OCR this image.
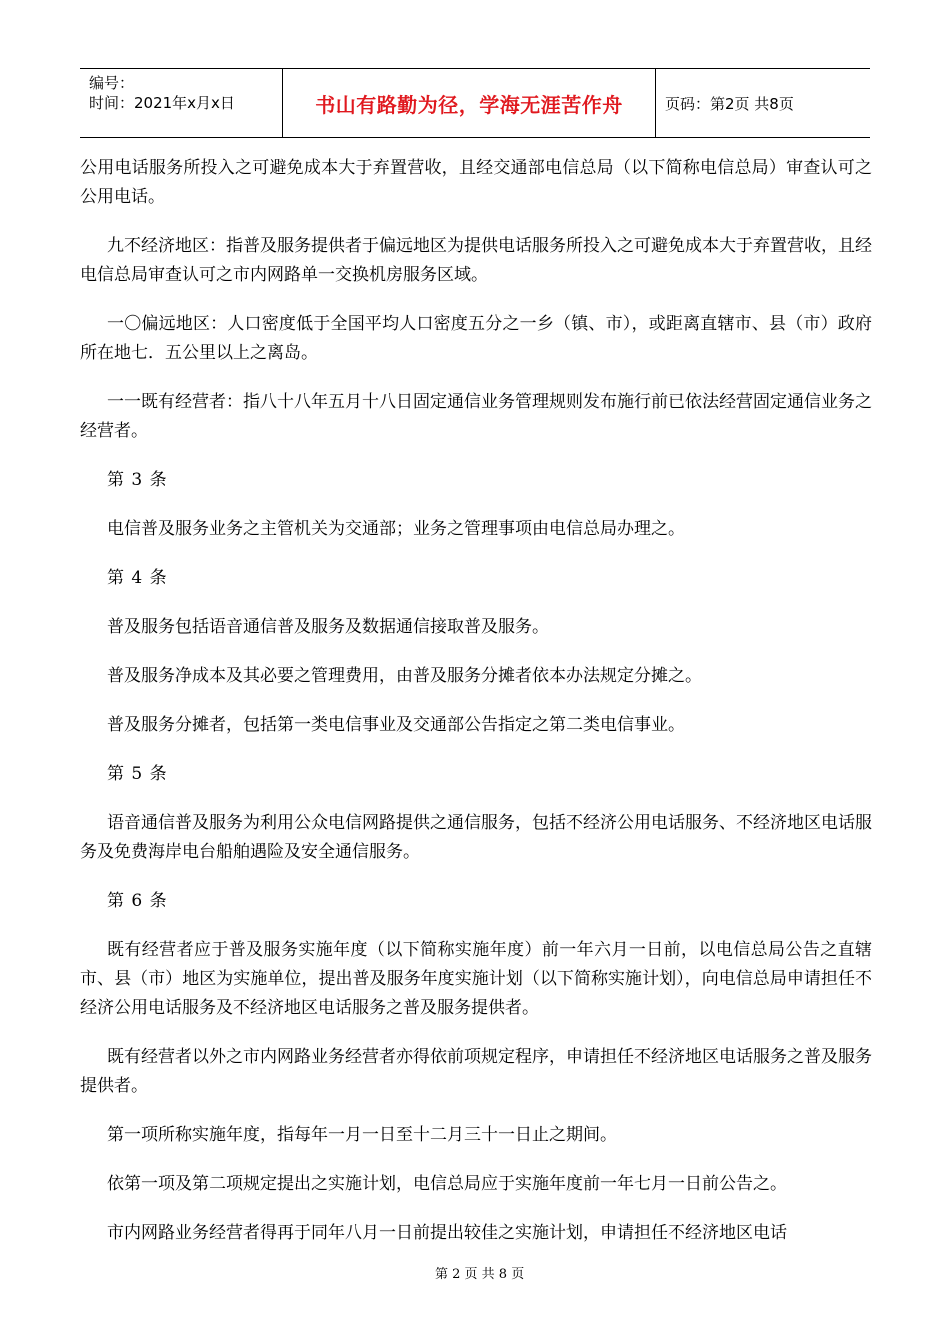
编号：
时间：2021年x月x日	书山有路勤为径，学海无涯苦作舟	页码：第2页 共8页

公用电话服务所投入之可避免成本大于弃置营收，且经交通部电信总局（以下简称电信总局）审查认可之公用电话。

九不经济地区：指普及服务提供者于偏远地区为提供电话服务所投入之可避免成本大于弃置营收，且经电信总局审查认可之市内网路单一交换机房服务区域。

一〇偏远地区：人口密度低于全国平均人口密度五分之一乡（镇、市），或距离直辖市、县（市）政府所在地七．五公里以上之离岛。

一一既有经营者：指八十八年五月十八日固定通信业务管理规则发布施行前已依法经营固定通信业务之经营者。

第 3 条

电信普及服务业务之主管机关为交通部；业务之管理事项由电信总局办理之。

第 4 条

普及服务包括语音通信普及服务及数据通信接取普及服务。

普及服务净成本及其必要之管理费用，由普及服务分摊者依本办法规定分摊之。

普及服务分摊者，包括第一类电信事业及交通部公告指定之第二类电信事业。

第 5 条

语音通信普及服务为利用公众电信网路提供之通信服务，包括不经济公用电话服务、不经济地区电话服务及免费海岸电台船舶遇险及安全通信服务。

第 6 条

既有经营者应于普及服务实施年度（以下简称实施年度）前一年六月一日前，以电信总局公告之直辖市、县（市）地区为实施单位，提出普及服务年度实施计划（以下简称实施计划），向电信总局申请担任不经济公用电话服务及不经济地区电话服务之普及服务提供者。

既有经营者以外之市内网路业务经营者亦得依前项规定程序，申请担任不经济地区电话服务之普及服务提供者。

第一项所称实施年度，指每年一月一日至十二月三十一日止之期间。

依第一项及第二项规定提出之实施计划，电信总局应于实施年度前一年七月一日前公告之。

市内网路业务经营者得再于同年八月一日前提出较佳之实施计划，申请担任不经济地区电话

第 2 页 共 8 页
